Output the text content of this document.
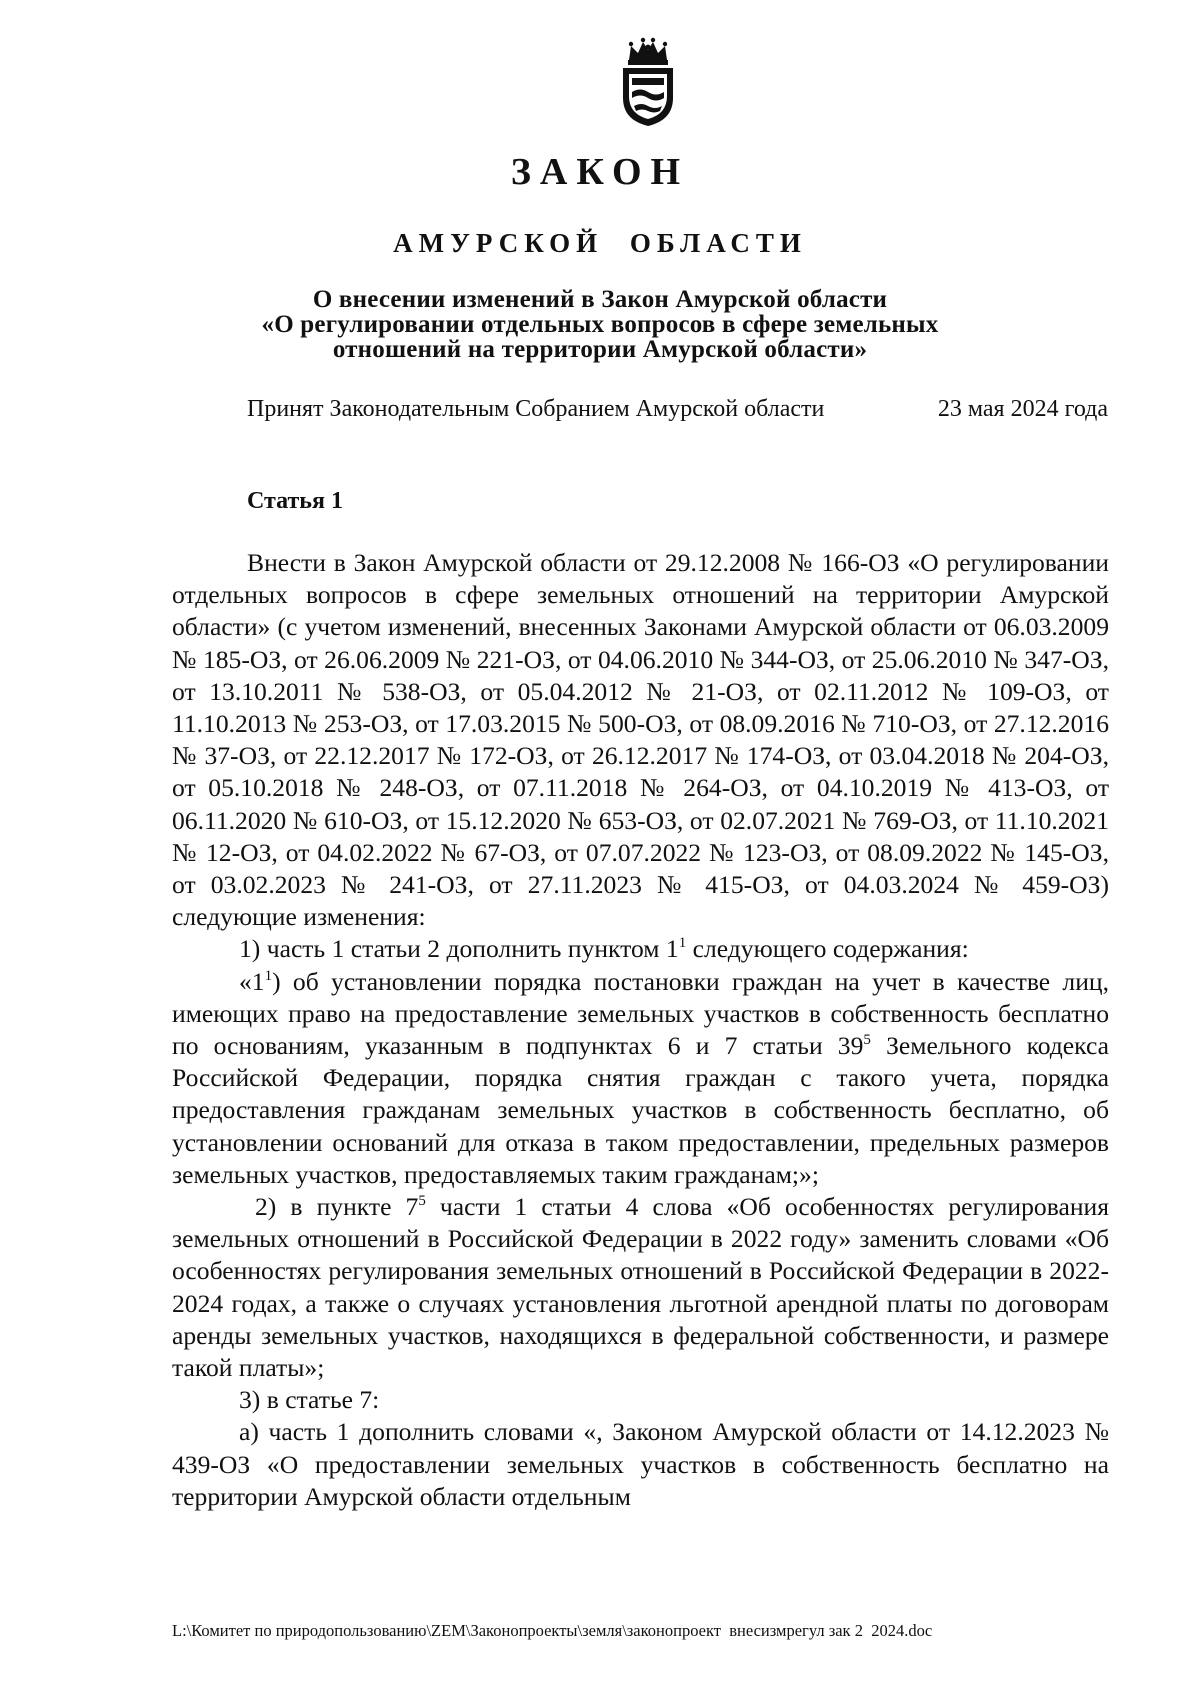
ЗАКОН
АМУРСКОЙ ОБЛАСТИ
О внесении изменений в Закон Амурской области
«О регулировании отдельных вопросов в сфере земельных
отношений на территории Амурской области»
Принят Законодательным Собранием Амурской области	23 мая 2024 года
Статья 1

Внести в Закон Амурской области от 29.12.2008 № 166-ОЗ «О регулировании отдельных вопросов в сфере земельных отношений на территории Амурской области» (с учетом изменений, внесенных Законами Амурской области от 06.03.2009 № 185-ОЗ, от 26.06.2009 № 221-ОЗ, от 04.06.2010 № 344-ОЗ, от 25.06.2010 № 347-ОЗ, от 13.10.2011 № 538-ОЗ, от 05.04.2012 № 21-ОЗ, от 02.11.2012 № 109-ОЗ, от 11.10.2013 № 253-ОЗ, от 17.03.2015 № 500-ОЗ, от 08.09.2016 № 710-ОЗ, от 27.12.2016 № 37-ОЗ, от 22.12.2017 № 172-ОЗ, от 26.12.2017 № 174-ОЗ, от 03.04.2018 № 204-ОЗ, от 05.10.2018 № 248-ОЗ, от 07.11.2018 № 264-ОЗ, от 04.10.2019 № 413-ОЗ, от 06.11.2020 № 610-ОЗ, от 15.12.2020 № 653-ОЗ, от 02.07.2021 № 769-ОЗ, от 11.10.2021 № 12-ОЗ, от 04.02.2022 № 67-ОЗ, от 07.07.2022 № 123-ОЗ, от 08.09.2022 № 145-ОЗ, от 03.02.2023 № 241-ОЗ, от 27.11.2023 № 415-ОЗ, от 04.03.2024 № 459-ОЗ) следующие изменения:

1) часть 1 статьи 2 дополнить пунктом $1^1$ следующего содержания:

«$1^1$) об установлении порядка постановки граждан на учет в качестве лиц, имеющих право на предоставление земельных участков в собственность бесплатно по основаниям, указанным в подпунктах 6 и 7 статьи $39^5$ Земельного кодекса Российской Федерации, порядка снятия граждан с такого учета, порядка предоставления гражданам земельных участков в собственность бесплатно, об установлении оснований для отказа в таком предоставлении, предельных размеров земельных участков, предоставляемых таким гражданам;»;

2) в пункте $7^5$ части 1 статьи 4 слова «Об особенностях регулирования земельных отношений в Российской Федерации в 2022 году» заменить словами «Об особенностях регулирования земельных отношений в Российской Федерации в 2022-2024 годах, а также о случаях установления льготной арендной платы по договорам аренды земельных участков, находящихся в федеральной собственности, и размере такой платы»;

3) в статье 7:

а) часть 1 дополнить словами «, Законом Амурской области от 14.12.2023 № 439-ОЗ «О предоставлении земельных участков в собственность бесплатно на территории Амурской области отдельным

L:\Комитет по природопользованию\ZEM\Законопроекты\земля\законопроект  внесизмрегул зак 2  2024.doc
